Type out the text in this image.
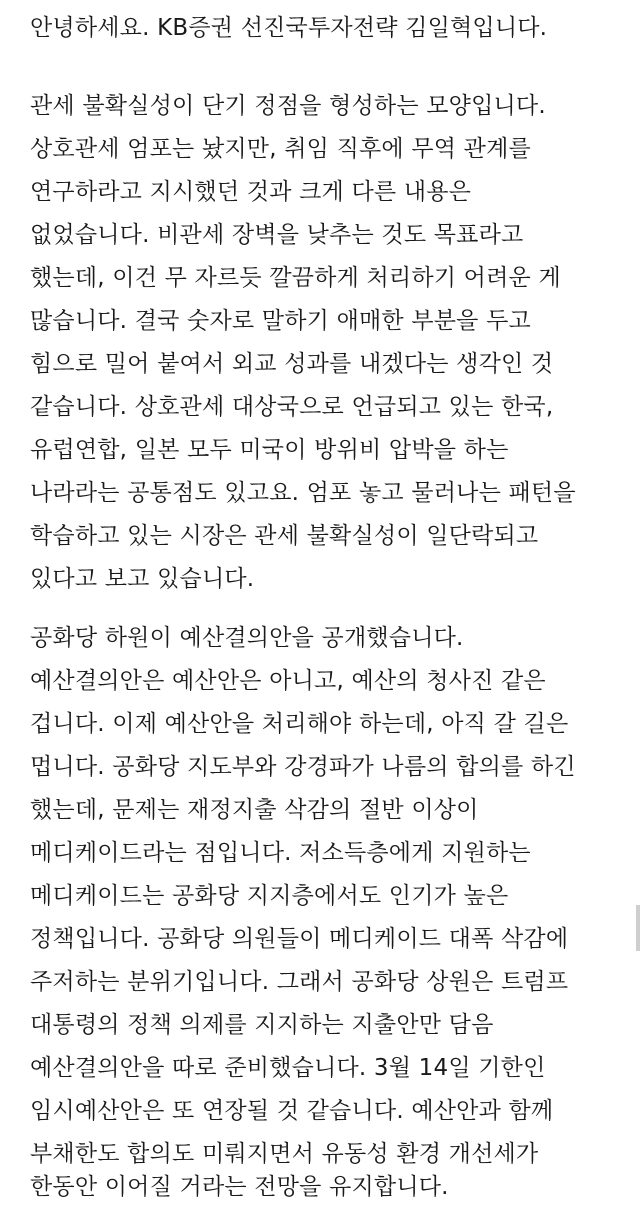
안녕하세요. KB증권 선진국투자전략 김일혁입니다.
관세 불확실성이 단기 정점을 형성하는 모양입니다.
상호관세 엄포는 놨지만, 취임 직후에 무역 관계를
연구하라고 지시했던 것과 크게 다른 내용은
없었습니다. 비관세 장벽을 낮추는 것도 목표라고
했는데, 이건 무 자르듯 깔끔하게 처리하기 어려운 게
많습니다. 결국 숫자로 말하기 애매한 부분을 두고
힘으로 밀어 붙여서 외교 성과를 내겠다는 생각인 것
같습니다. 상호관세 대상국으로 언급되고 있는 한국,
유럽연합, 일본 모두 미국이 방위비 압박을 하는
나라라는 공통점도 있고요. 엄포 놓고 물러나는 패턴을
학습하고 있는 시장은 관세 불확실성이 일단락되고
있다고 보고 있습니다.
공화당 하원이 예산결의안을 공개했습니다.
예산결의안은 예산안은 아니고, 예산의 청사진 같은
겁니다. 이제 예산안을 처리해야 하는데, 아직 갈 길은
멉니다. 공화당 지도부와 강경파가 나름의 합의를 하긴
했는데, 문제는 재정지출 삭감의 절반 이상이
메디케이드라는 점입니다. 저소득층에게 지원하는
메디케이드는 공화당 지지층에서도 인기가 높은
정책입니다. 공화당 의원들이 메디케이드 대폭 삭감에
주저하는 분위기입니다. 그래서 공화당 상원은 트럼프
대통령의 정책 의제를 지지하는 지출안만 담음
예산결의안을 따로 준비했습니다. 3월 14일 기한인
임시예산안은 또 연장될 것 같습니다. 예산안과 함께
부채한도 합의도 미뤄지면서 유동성 환경 개선세가
한동안 이어질 거라는 전망을 유지합니다.
